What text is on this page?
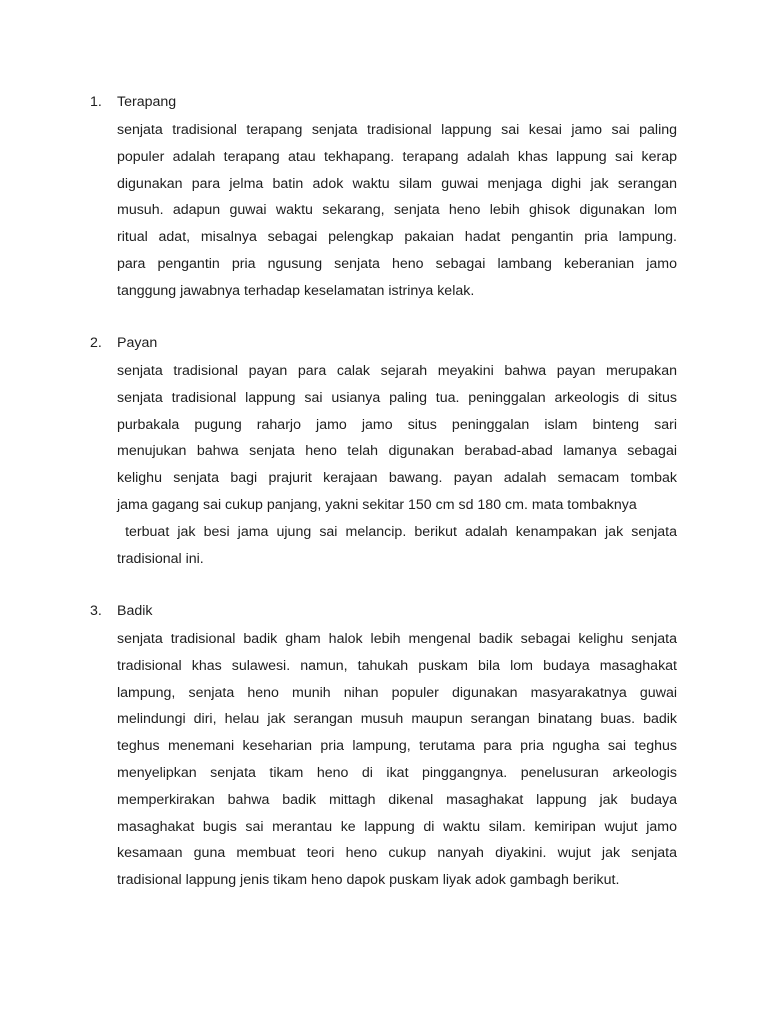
1.	Terapang
senjata tradisional terapang senjata tradisional lappung sai kesai jamo sai paling
populer adalah terapang atau tekhapang. terapang adalah khas lappung sai kerap
digunakan para jelma batin adok waktu silam guwai menjaga dighi jak serangan
musuh. adapun guwai waktu sekarang, senjata heno lebih ghisok digunakan lom
ritual adat, misalnya sebagai pelengkap pakaian hadat pengantin pria lampung.
para pengantin pria ngusung senjata heno sebagai lambang keberanian jamo
tanggung jawabnya terhadap keselamatan istrinya kelak.
2.	Payan
senjata tradisional payan para calak sejarah meyakini bahwa payan merupakan
senjata tradisional lappung sai usianya paling tua. peninggalan arkeologis di situs
purbakala pugung raharjo jamo jamo situs peninggalan islam binteng sari
menujukan bahwa senjata heno telah digunakan berabad-abad lamanya sebagai
kelighu senjata bagi prajurit kerajaan bawang. payan adalah semacam tombak
jama gagang sai cukup panjang, yakni sekitar 150 cm sd 180 cm. mata tombaknya
terbuat jak besi jama ujung sai melancip. berikut adalah kenampakan jak senjata
tradisional ini.
3.	Badik
senjata tradisional badik gham halok lebih mengenal badik sebagai kelighu senjata
tradisional khas sulawesi. namun, tahukah puskam bila lom budaya masaghakat
lampung, senjata heno munih nihan populer digunakan masyarakatnya guwai
melindungi diri, helau jak serangan musuh maupun serangan binatang buas. badik
teghus menemani keseharian pria lampung, terutama para pria ngugha sai teghus
menyelipkan senjata tikam heno di ikat pinggangnya. penelusuran arkeologis
memperkirakan bahwa badik mittagh dikenal masaghakat lappung jak budaya
masaghakat bugis sai merantau ke lappung di waktu silam. kemiripan wujut jamo
kesamaan guna membuat teori heno cukup nanyah diyakini. wujut jak senjata
tradisional lappung jenis tikam heno dapok puskam liyak adok gambagh berikut.
